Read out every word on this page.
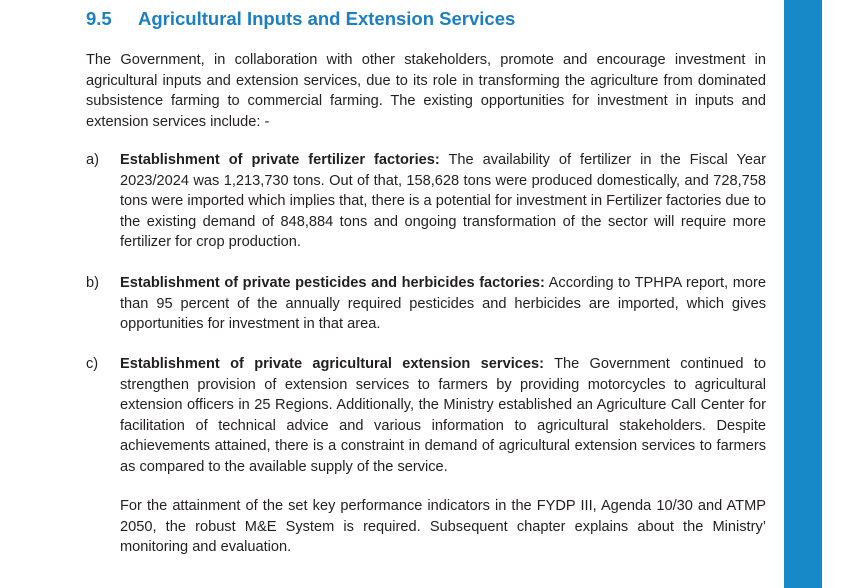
9.5 Agricultural Inputs and Extension Services

The Government, in collaboration with other stakeholders, promote and encourage investment in agricultural inputs and extension services, due to its role in transforming the agriculture from dominated subsistence farming to commercial farming. The existing opportunities for investment in inputs and extension services include: -

a) Establishment of private fertilizer factories: The availability of fertilizer in the Fiscal Year 2023/2024 was 1,213,730 tons. Out of that, 158,628 tons were produced domestically, and 728,758 tons were imported which implies that, there is a potential for investment in Fertilizer factories due to the existing demand of 848,884 tons and ongoing transformation of the sector will require more fertilizer for crop production.

b) Establishment of private pesticides and herbicides factories: According to TPHPA report, more than 95 percent of the annually required pesticides and herbicides are imported, which gives opportunities for investment in that area.

c) Establishment of private agricultural extension services: The Government continued to strengthen provision of extension services to farmers by providing motorcycles to agricultural extension officers in 25 Regions. Additionally, the Ministry established an Agriculture Call Center for facilitation of technical advice and various information to agricultural stakeholders. Despite achievements attained, there is a constraint in demand of agricultural extension services to farmers as compared to the available supply of the service.

For the attainment of the set key performance indicators in the FYDP III, Agenda 10/30 and ATMP 2050, the robust M&E System is required. Subsequent chapter explains about the Ministry’ monitoring and evaluation.
